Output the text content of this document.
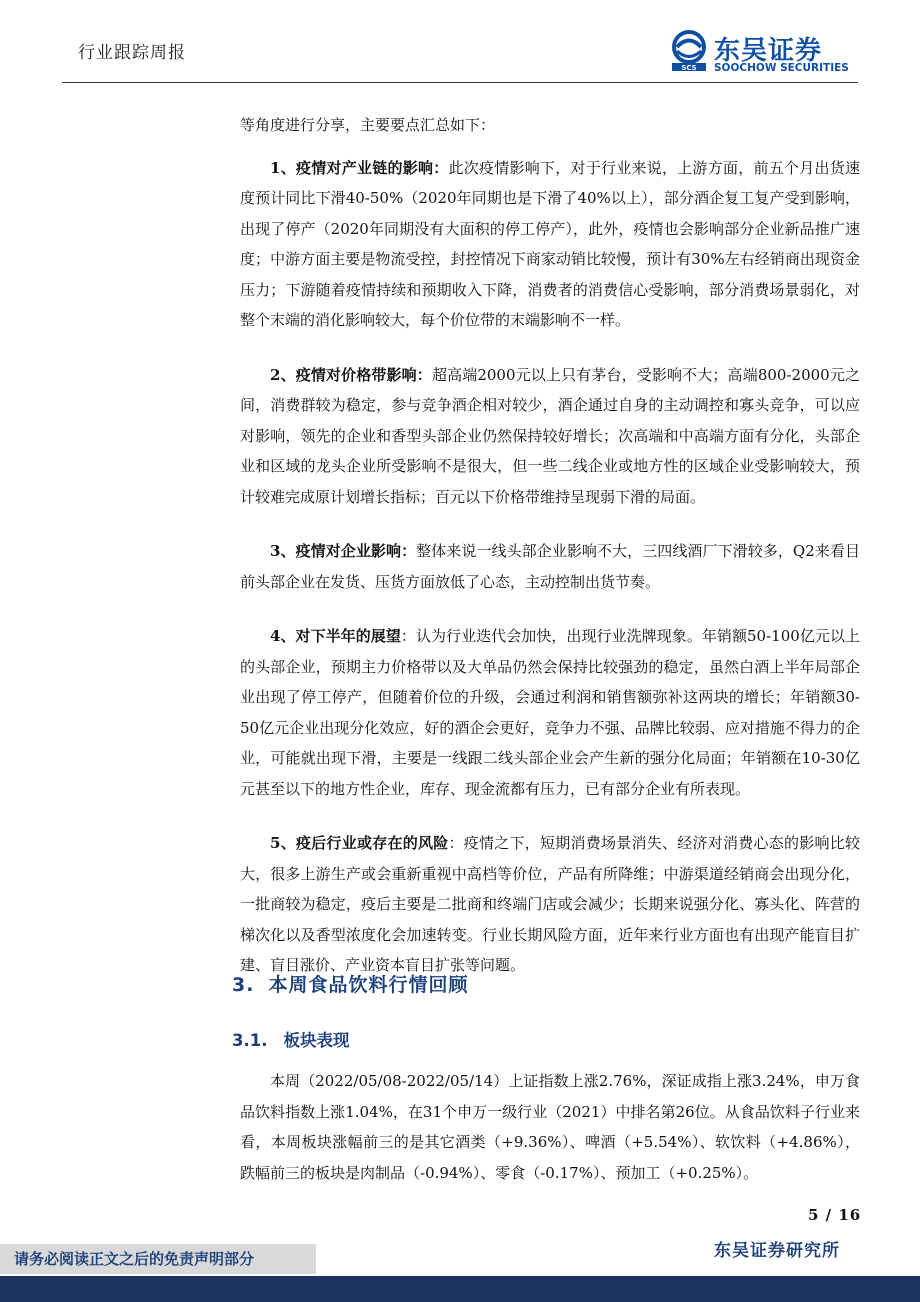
行业跟踪周报
SCS
东吴证券
SOOCHOW SECURITIES

等角度进行分享，主要要点汇总如下：

1、疫情对产业链的影响：此次疫情影响下，对于行业来说，上游方面，前五个月出货速度预计同比下滑40-50%（2020年同期也是下滑了40%以上），部分酒企复工复产受到影响，出现了停产（2020年同期没有大面积的停工停产），此外，疫情也会影响部分企业新品推广速度；中游方面主要是物流受控，封控情况下商家动销比较慢，预计有30%左右经销商出现资金压力；下游随着疫情持续和预期收入下降，消费者的消费信心受影响，部分消费场景弱化，对整个末端的消化影响较大，每个价位带的末端影响不一样。

2、疫情对价格带影响：超高端2000元以上只有茅台，受影响不大；高端800-2000元之间，消费群较为稳定，参与竞争酒企相对较少，酒企通过自身的主动调控和寡头竞争，可以应对影响，领先的企业和香型头部企业仍然保持较好增长；次高端和中高端方面有分化，头部企业和区域的龙头企业所受影响不是很大，但一些二线企业或地方性的区域企业受影响较大，预计较难完成原计划增长指标；百元以下价格带维持呈现弱下滑的局面。

3、疫情对企业影响：整体来说一线头部企业影响不大，三四线酒厂下滑较多，Q2来看目前头部企业在发货、压货方面放低了心态，主动控制出货节奏。

4、对下半年的展望：认为行业迭代会加快，出现行业洗牌现象。年销额50-100亿元以上的头部企业，预期主力价格带以及大单品仍然会保持比较强劲的稳定，虽然白酒上半年局部企业出现了停工停产，但随着价位的升级，会通过利润和销售额弥补这两块的增长；年销额30-50亿元企业出现分化效应，好的酒企会更好，竞争力不强、品牌比较弱、应对措施不得力的企业，可能就出现下滑，主要是一线跟二线头部企业会产生新的强分化局面；年销额在10-30亿元甚至以下的地方性企业，库存、现金流都有压力，已有部分企业有所表现。

5、疫后行业或存在的风险：疫情之下，短期消费场景消失、经济对消费心态的影响比较大，很多上游生产或会重新重视中高档等价位，产品有所降维；中游渠道经销商会出现分化，一批商较为稳定，疫后主要是二批商和终端门店或会减少；长期来说强分化、寡头化、阵营的梯次化以及香型浓度化会加速转变。行业长期风险方面，近年来行业方面也有出现产能盲目扩建、盲目涨价、产业资本盲目扩张等问题。

3. 本周食品饮料行情回顾
3.1. 板块表现

本周（2022/05/08-2022/05/14）上证指数上涨2.76%，深证成指上涨3.24%，申万食品饮料指数上涨1.04%，在31个申万一级行业（2021）中排名第26位。从食品饮料子行业来看，本周板块涨幅前三的是其它酒类（+9.36%）、啤酒（+5.54%）、软饮料（+4.86%），跌幅前三的板块是肉制品（-0.94%）、零食（-0.17%）、预加工（+0.25%）。

5 / 16
东吴证券研究所
请务必阅读正文之后的免责声明部分
